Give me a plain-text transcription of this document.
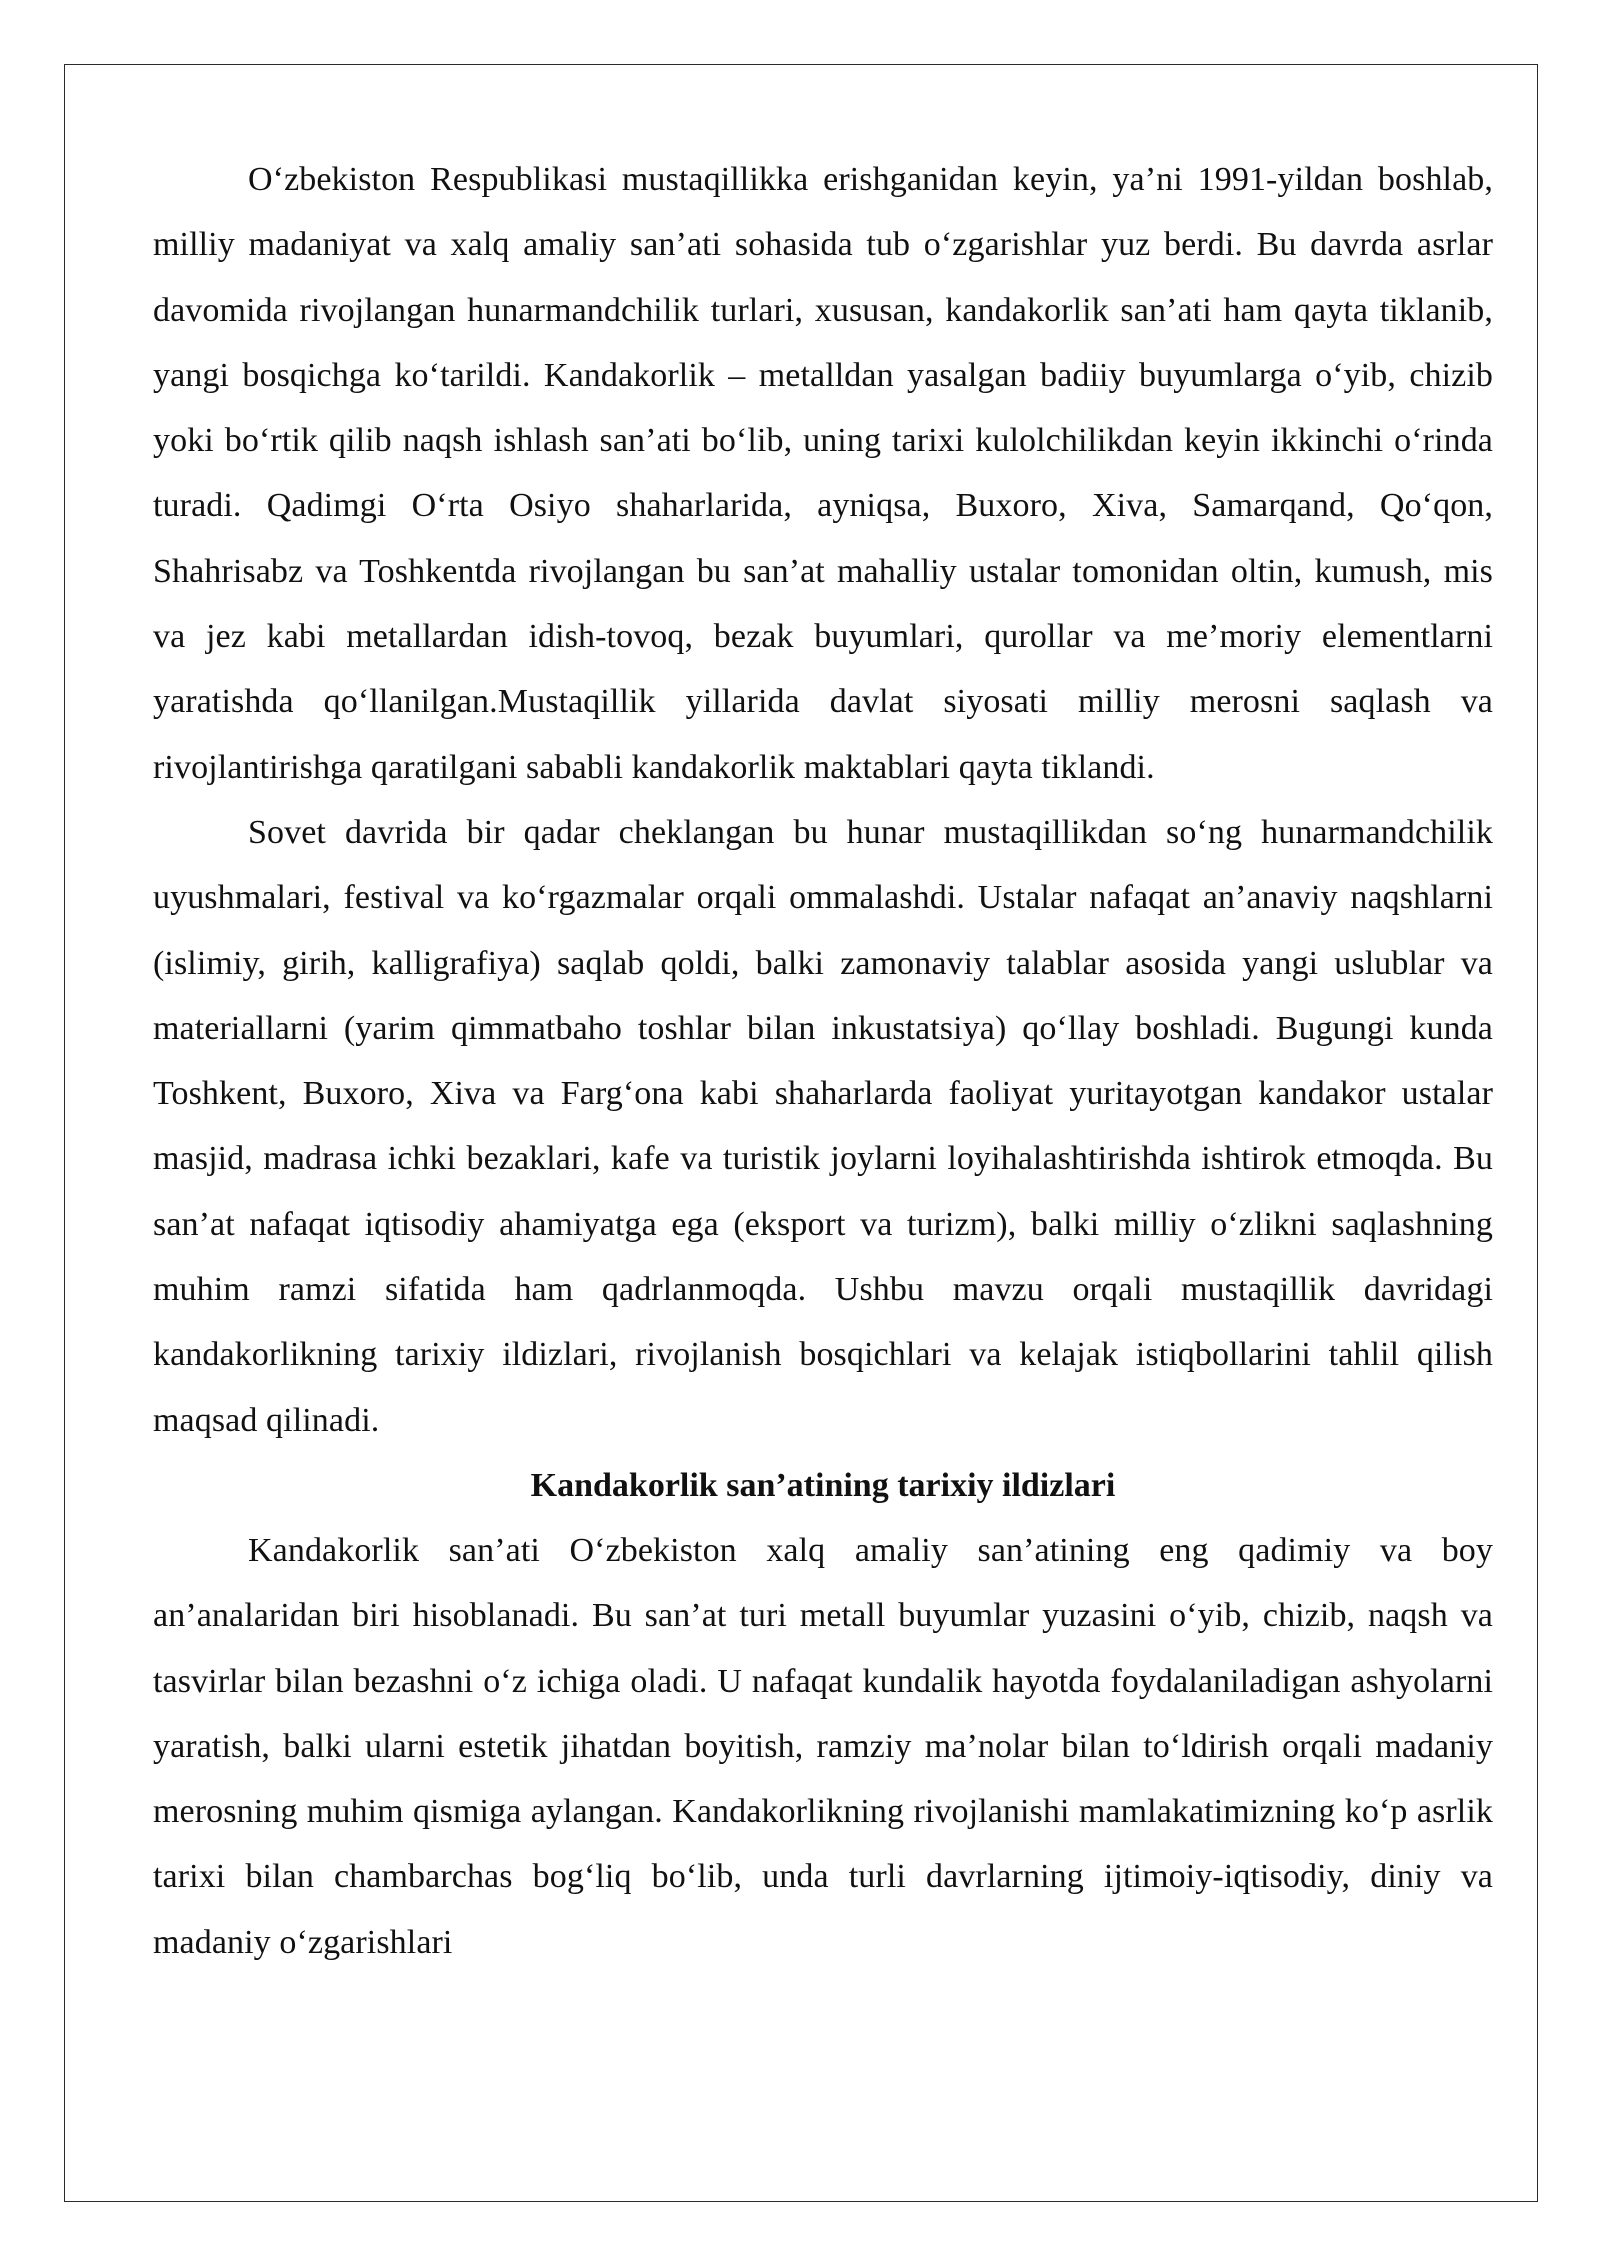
O‘zbekiston Respublikasi mustaqillikka erishganidan keyin, ya’ni 1991-yildan boshlab, milliy madaniyat va xalq amaliy san’ati sohasida tub o‘zgarishlar yuz berdi. Bu davrda asrlar davomida rivojlangan hunarmandchilik turlari, xususan, kandakorlik san’ati ham qayta tiklanib, yangi bosqichga ko‘tarildi. Kandakorlik – metalldan yasalgan badiiy buyumlarga o‘yib, chizib yoki bo‘rtik qilib naqsh ishlash san’ati bo‘lib, uning tarixi kulolchilikdan keyin ikkinchi o‘rinda turadi. Qadimgi O‘rta Osiyo shaharlarida, ayniqsa, Buxoro, Xiva, Samarqand, Qo‘qon, Shahrisabz va Toshkentda rivojlangan bu san’at mahalliy ustalar tomonidan oltin, kumush, mis va jez kabi metallardan idish-tovoq, bezak buyumlari, qurollar va me’moriy elementlarni yaratishda qo‘llanilgan.Mustaqillik yillarida davlat siyosati milliy merosni saqlash va rivojlantirishga qaratilgani sababli kandakorlik maktablari qayta tiklandi.

Sovet davrida bir qadar cheklangan bu hunar mustaqillikdan so‘ng hunarmandchilik uyushmalari, festival va ko‘rgazmalar orqali ommalashdi. Ustalar nafaqat an’anaviy naqshlarni (islimiy, girih, kalligrafiya) saqlab qoldi, balki zamonaviy talablar asosida yangi uslublar va materiallarni (yarim qimmatbaho toshlar bilan inkustatsiya) qo‘llay boshladi. Bugungi kunda Toshkent, Buxoro, Xiva va Farg‘ona kabi shaharlarda faoliyat yuritayotgan kandakor ustalar masjid, madrasa ichki bezaklari, kafe va turistik joylarni loyihalashtirishda ishtirok etmoqda. Bu san’at nafaqat iqtisodiy ahamiyatga ega (eksport va turizm), balki milliy o‘zlikni saqlashning muhim ramzi sifatida ham qadrlanmoqda. Ushbu mavzu orqali mustaqillik davridagi kandakorlikning tarixiy ildizlari, rivojlanish bosqichlari va kelajak istiqbollarini tahlil qilish maqsad qilinadi.

Kandakorlik san’atining tarixiy ildizlari

Kandakorlik san’ati O‘zbekiston xalq amaliy san’atining eng qadimiy va boy an’analaridan biri hisoblanadi. Bu san’at turi metall buyumlar yuzasini o‘yib, chizib, naqsh va tasvirlar bilan bezashni o‘z ichiga oladi. U nafaqat kundalik hayotda foydalaniladigan ashyolarni yaratish, balki ularni estetik jihatdan boyitish, ramziy ma’nolar bilan to‘ldirish orqali madaniy merosning muhim qismiga aylangan. Kandakorlikning rivojlanishi mamlakatimizning ko‘p asrlik tarixi bilan chambarchas bog‘liq bo‘lib, unda turli davrlarning ijtimoiy-iqtisodiy, diniy va madaniy o‘zgarishlari
